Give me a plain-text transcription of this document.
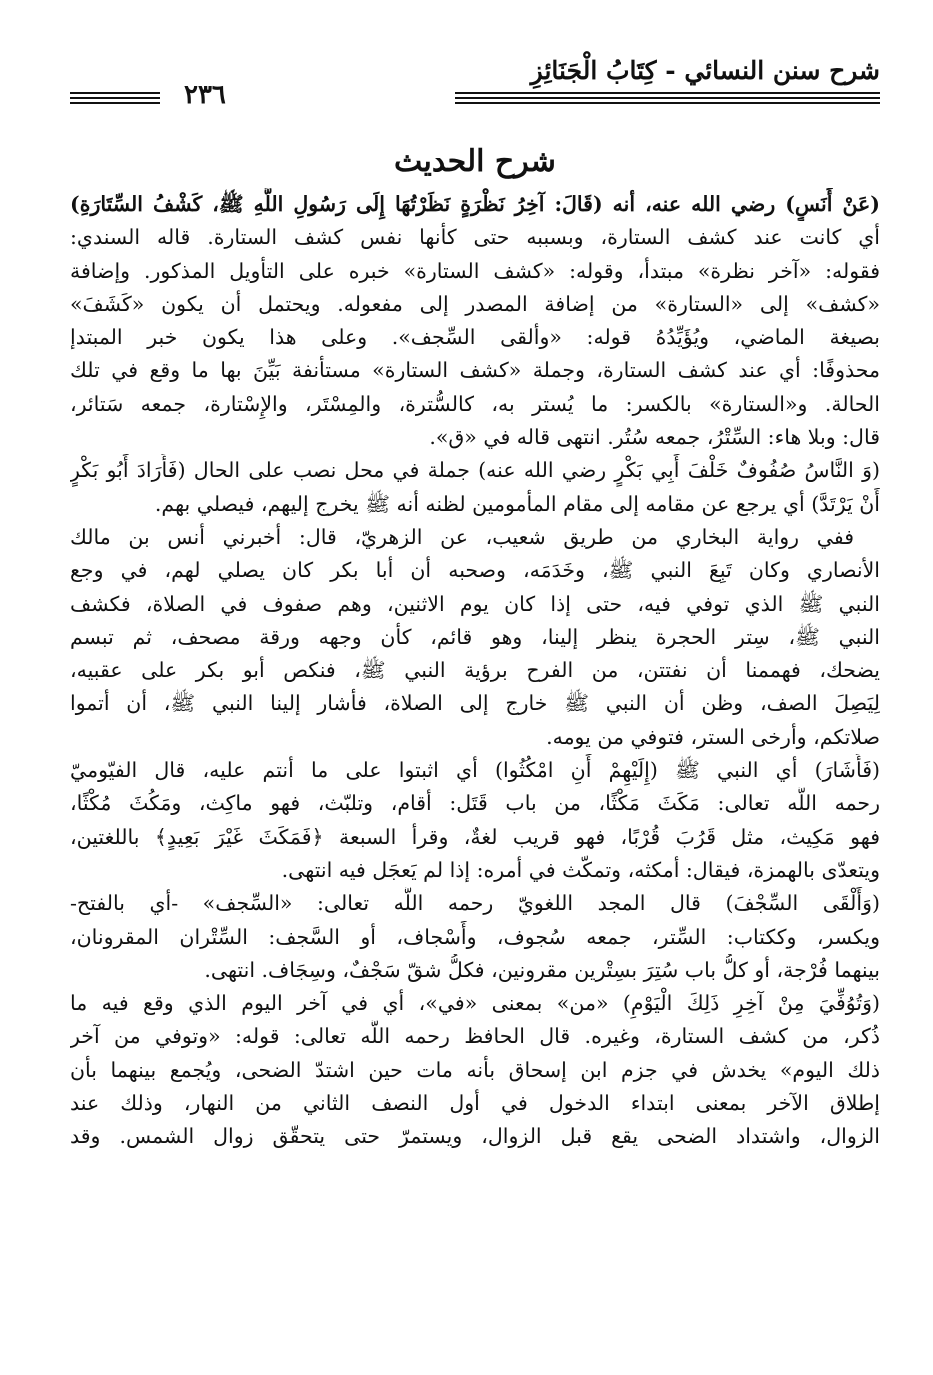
شرح سنن النسائي - كِتَابُ الْجَنَائِزِ
٢٣٦
شرح الحديث
(عَنْ أَنَسٍ) رضي الله عنه، أنه (قَالَ: آخِرُ نَظْرَةٍ نَظَرْتُهَا إِلَى رَسُولِ اللَّهِ ﷺ، كَشْفُ السِّتَارَةِ)
أي كانت عند كشف الستارة، وبسببه حتى كأنها نفس كشف الستارة. قاله السندي:
فقوله: «آخر نظرة» مبتدأ، وقوله: «كشف الستارة» خبره على التأويل المذكور. وإضافة
«كشف» إلى «الستارة» من إضافة المصدر إلى مفعوله. ويحتمل أن يكون «كَشَفَ»
بصيغة الماضي، ويُؤَيِّدُهُ قوله: «وألقى السِّجف». وعلى هذا يكون خبر المبتدإ
محذوفًا: أي عند كشف الستارة، وجملة «كشف الستارة» مستأنفة بَيِّنَ بها ما وقع في تلك
الحالة. و«الستارة» بالكسر: ما يُستر به، كالسُّترة، والمِسْتَر، والإِسْتارة، جمعه سَتائر،
قال: وبلا هاء: السِّتْرُ، جمعه سُتُر. انتهى قاله في «ق».
(وَ النَّاسُ صُفُوفٌ خَلْفَ أَبِي بَكْرٍ رضي الله عنه) جملة في محل نصب على الحال (فَأَرَادَ أَبُو بَكْرٍ
أَنْ يَرْتَدَّ) أي يرجع عن مقامه إلى مقام المأمومين لظنه أنه ﷺ يخرج إليهم، فيصلي بهم.
ففي رواية البخاري من طريق شعيب، عن الزهريّ، قال: أخبرني أنس بن مالك
الأنصاري وكان تَبِعَ النبي ﷺ، وخَدَمَه، وصحبه أن أبا بكر كان يصلي لهم، في وجع
النبي ﷺ الذي توفي فيه، حتى إذا كان يوم الاثنين، وهم صفوف في الصلاة، فكشف
النبي ﷺ، سِتر الحجرة ينظر إلينا، وهو قائم، كأن وجهه ورقة مصحف، ثم تبسم
يضحك، فهممنا أن نفتتن، من الفرح برؤية النبي ﷺ، فنكص أبو بكر على عقبيه،
لِيَصِلَ الصف، وظن أن النبي ﷺ خارج إلى الصلاة، فأشار إلينا النبي ﷺ، أن أتموا
صلاتكم، وأرخى الستر، فتوفي من يومه.
(فَأَشَارَ) أي النبي ﷺ (إِلَيْهِمْ أَنِ امْكُثُوا) أي اثبتوا على ما أنتم عليه، قال الفيّوميّ
رحمه اللَّه تعالى: مَكَثَ مَكْثًا، من باب قَتَل: أقام، وتلبّث، فهو ماكِث، ومَكُثَ مُكْثًا،
فهو مَكِيث، مثل قَرُبَ قُرْبًا، فهو قريب لغةٌ، وقرأ السبعة ﴿فَمَكَثَ غَيْرَ بَعِيدٍ﴾ باللغتين،
ويتعدّى بالهمزة، فيقال: أمكثه، وتمكّث في أمره: إذا لم يَعجَل فيه انتهى.
(وَأَلْقَى السِّجْفَ) قال المجد اللغويّ رحمه اللَّه تعالى: «السِّجف» -أي بالفتح-
ويكسر، وككتاب: السِّتر، جمعه سُجوف، وأَسْجاف، أو السَّجف: السِّتْران المقرونان،
بينهما فُرْجة، أو كلُّ باب سُتِرَ بسِتْرين مقرونين، فكلُّ شقّ سَجْفٌ، وسِجَاف. انتهى.
(وَتُوُفِّيَ مِنْ آخِرِ ذَلِكَ الْيَوْمِ) «من» بمعنى «في»، أي في آخر اليوم الذي وقع فيه ما
ذُكر، من كشف الستارة، وغيره. قال الحافظ رحمه اللَّه تعالى: قوله: «وتوفي من آخر
ذلك اليوم» يخدش في جزم ابن إسحاق بأنه مات حين اشتدّ الضحى، ويُجمع بينهما بأن
إطلاق الآخر بمعنى ابتداء الدخول في أول النصف الثاني من النهار، وذلك عند
الزوال، واشتداد الضحى يقع قبل الزوال، ويستمرّ حتى يتحقّق زوال الشمس. وقد
